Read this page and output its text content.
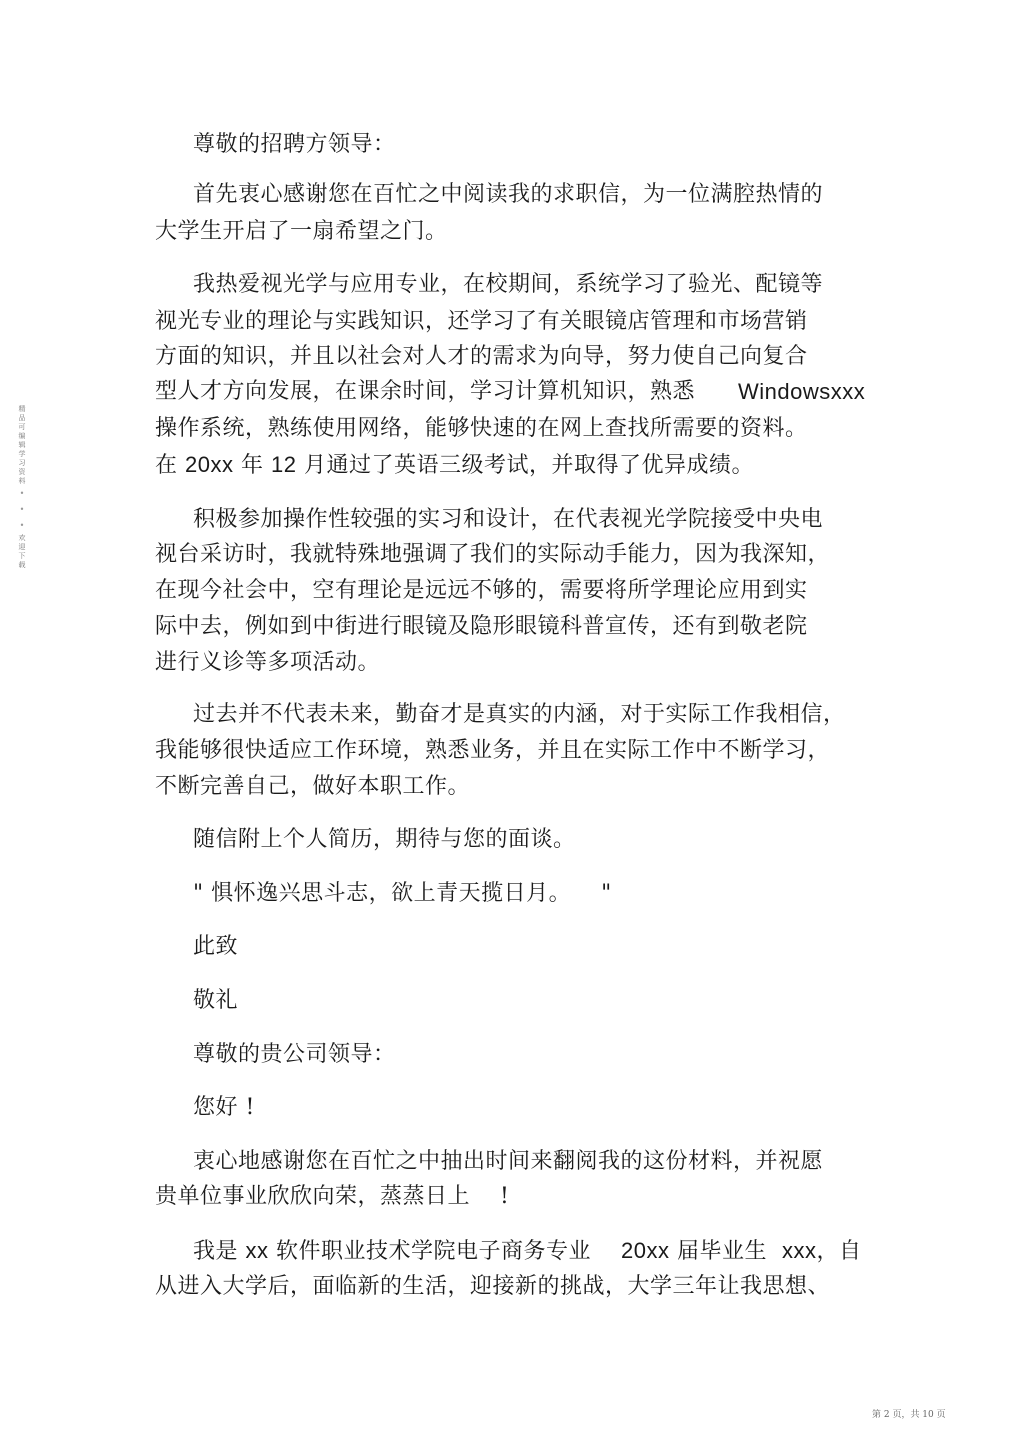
精品可编辑学习资料
•
•
•
欢迎下载
尊敬的招聘方领导：
首先衷心感谢您在百忙之中阅读我的求职信，为一位满腔热情的
大学生开启了一扇希望之门。
我热爱视光学与应用专业，在校期间，系统学习了验光、配镜等
视光专业的理论与实践知识，还学习了有关眼镜店管理和市场营销
方面的知识，并且以社会对人才的需求为向导，努力使自己向复合
型人才方向发展，在课余时间，学习计算机知识，熟悉 Windowsxxx
操作系统，熟练使用网络，能够快速的在网上查找所需要的资料。
在 20xx 年 12 月通过了英语三级考试，并取得了优异成绩。
积极参加操作性较强的实习和设计，在代表视光学院接受中央电
视台采访时，我就特殊地强调了我们的实际动手能力，因为我深知，
在现今社会中，空有理论是远远不够的，需要将所学理论应用到实
际中去，例如到中街进行眼镜及隐形眼镜科普宣传，还有到敬老院
进行义诊等多项活动。
过去并不代表未来，勤奋才是真实的内涵，对于实际工作我相信，
我能够很快适应工作环境，熟悉业务，并且在实际工作中不断学习，
不断完善自己，做好本职工作。
随信附上个人简历，期待与您的面谈。
" 惧怀逸兴思斗志，欲上青天揽日月。    "
此致
敬礼
尊敬的贵公司领导：
您好 !
衷心地感谢您在百忙之中抽出时间来翻阅我的这份材料，并祝愿
贵单位事业欣欣向荣，蒸蒸日上    !
我是 xx 软件职业技术学院电子商务专业    20xx 届毕业生  xxx，自
从进入大学后，面临新的生活，迎接新的挑战，大学三年让我思想、
第 2 页，共 10 页
